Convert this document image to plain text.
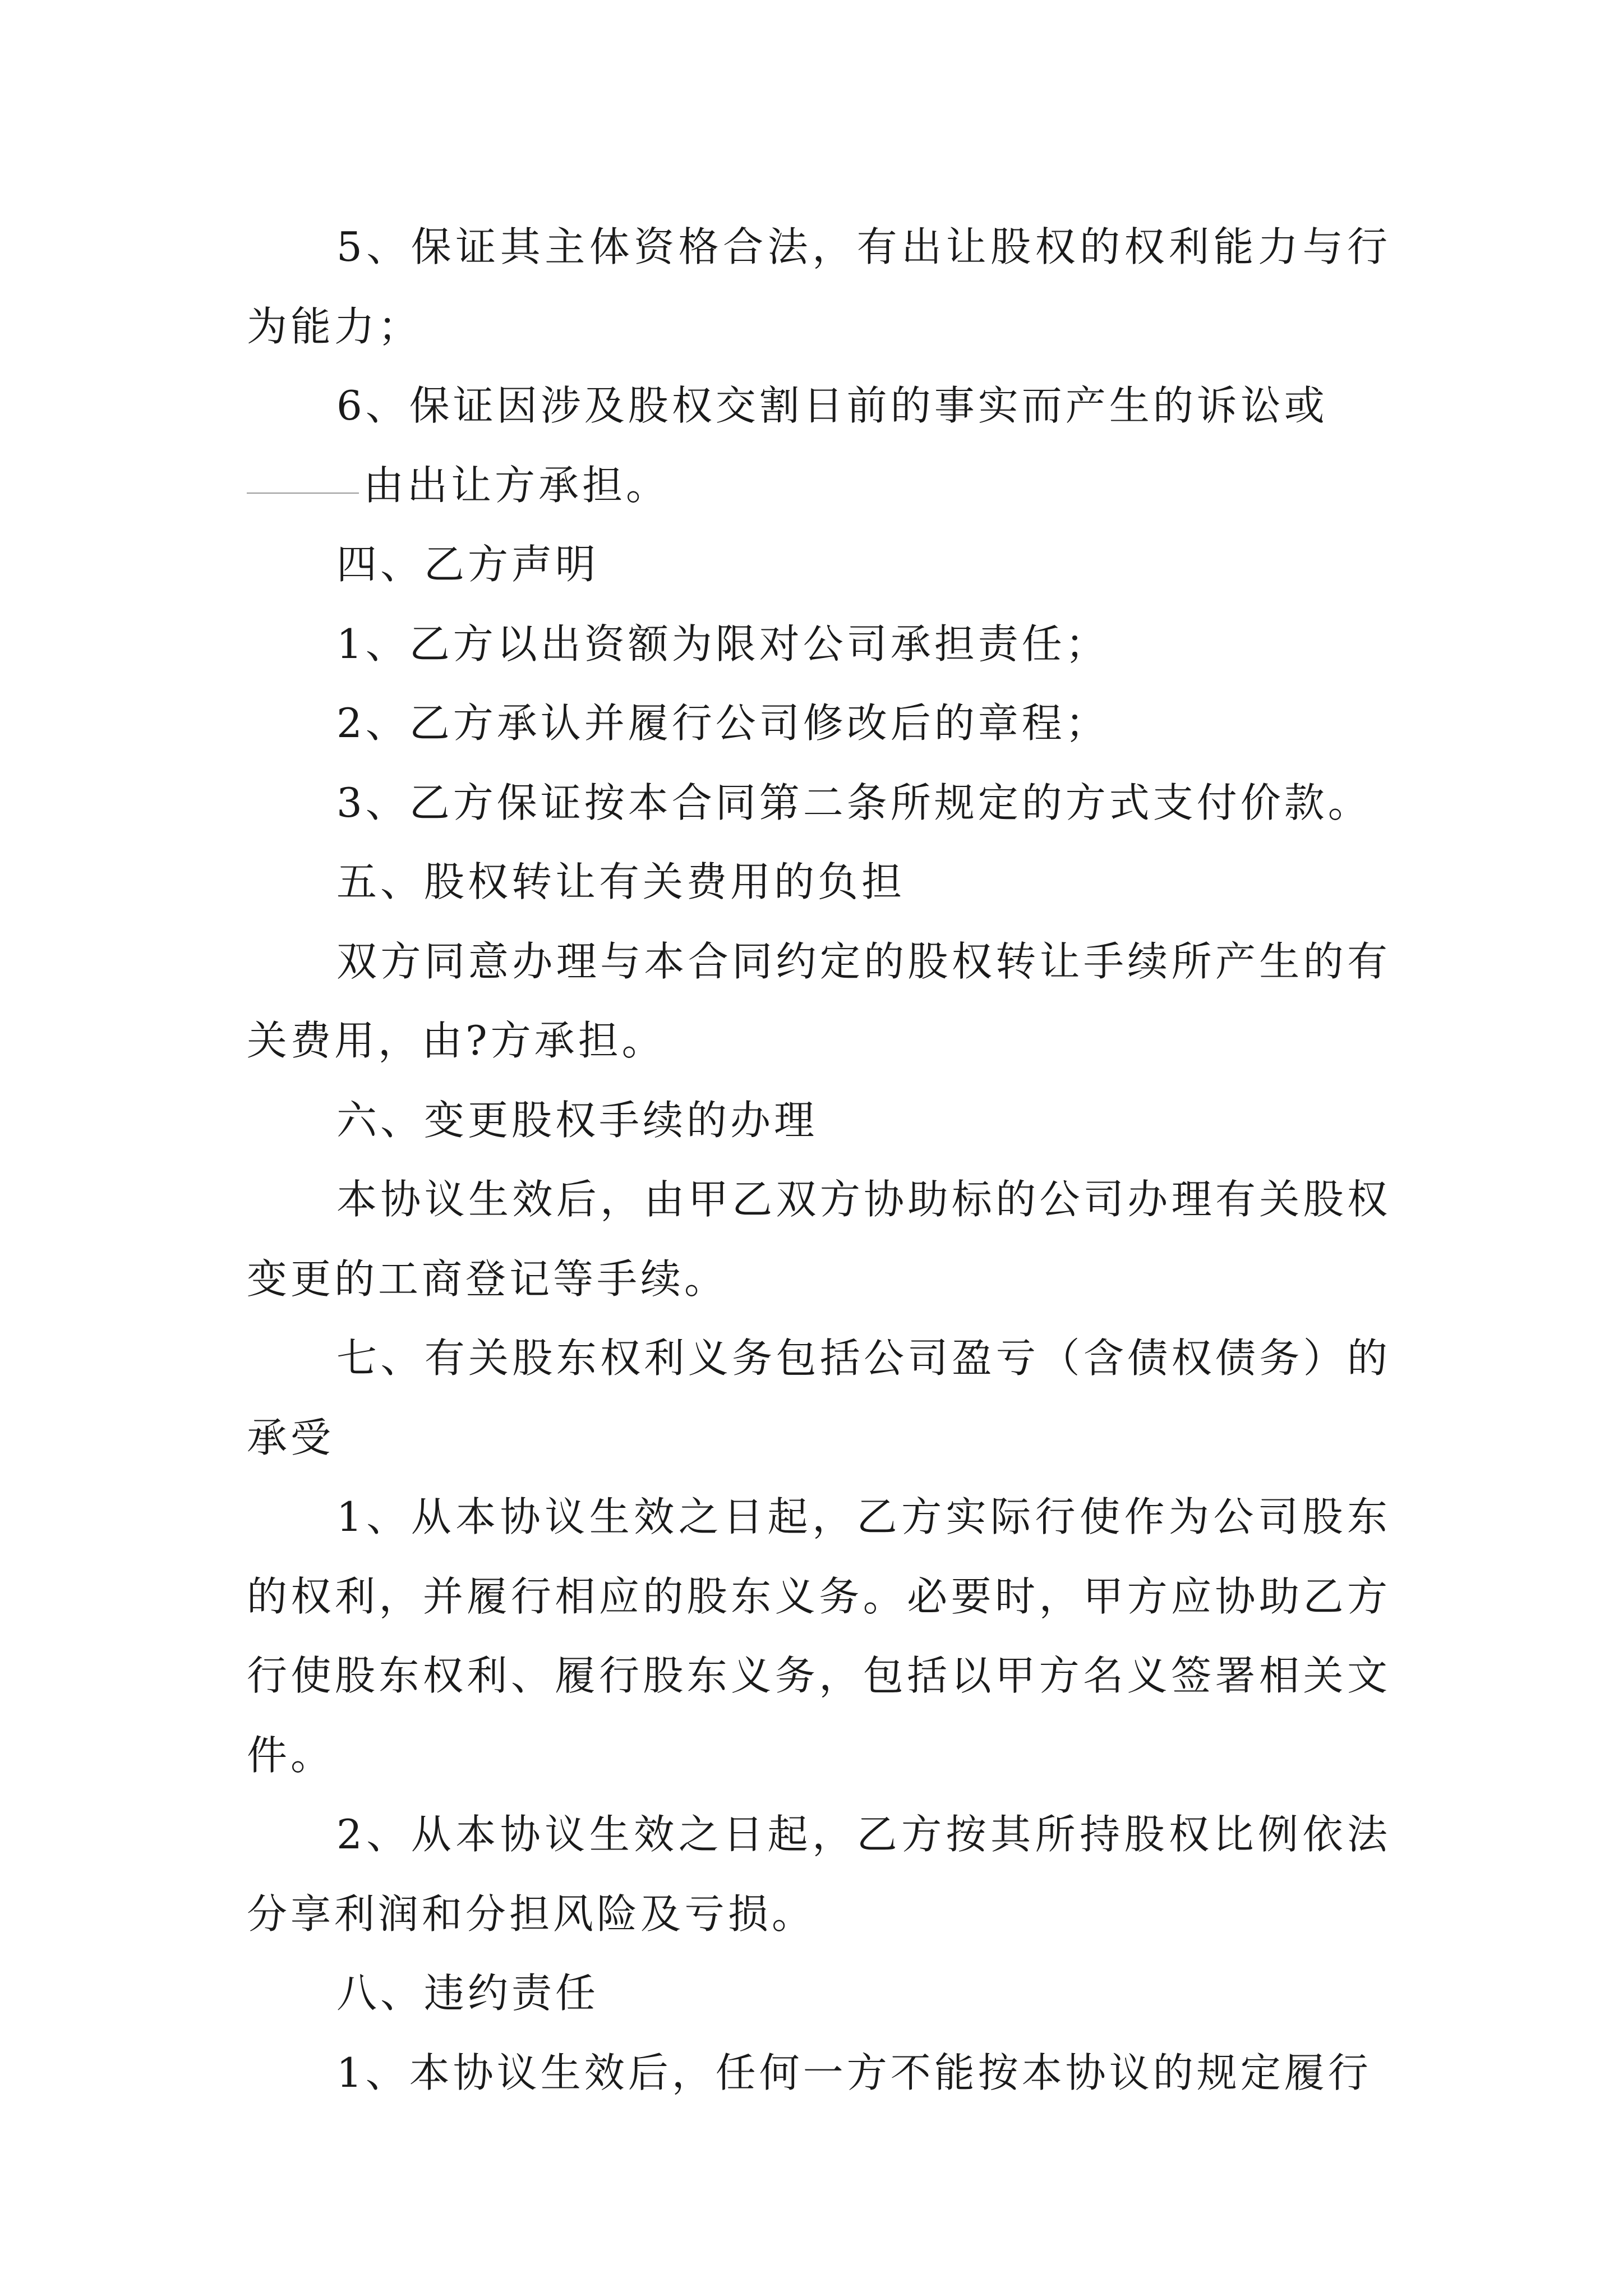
5、保证其主体资格合法，有出让股权的权利能力与行为能力；

6、保证因涉及股权交割日前的事实而产生的诉讼或

由出让方承担。

四、乙方声明

1、乙方以出资额为限对公司承担责任；

2、乙方承认并履行公司修改后的章程；

3、乙方保证按本合同第二条所规定的方式支付价款。

五、股权转让有关费用的负担

双方同意办理与本合同约定的股权转让手续所产生的有关费用，由?方承担。

六、变更股权手续的办理

本协议生效后，由甲乙双方协助标的公司办理有关股权变更的工商登记等手续。

七、有关股东权利义务包括公司盈亏（含债权债务）的承受

1、从本协议生效之日起，乙方实际行使作为公司股东的权利，并履行相应的股东义务。必要时，甲方应协助乙方行使股东权利、履行股东义务，包括以甲方名义签署相关文件。

2、从本协议生效之日起，乙方按其所持股权比例依法分享利润和分担风险及亏损。

八、违约责任

1、本协议生效后，任何一方不能按本协议的规定履行
